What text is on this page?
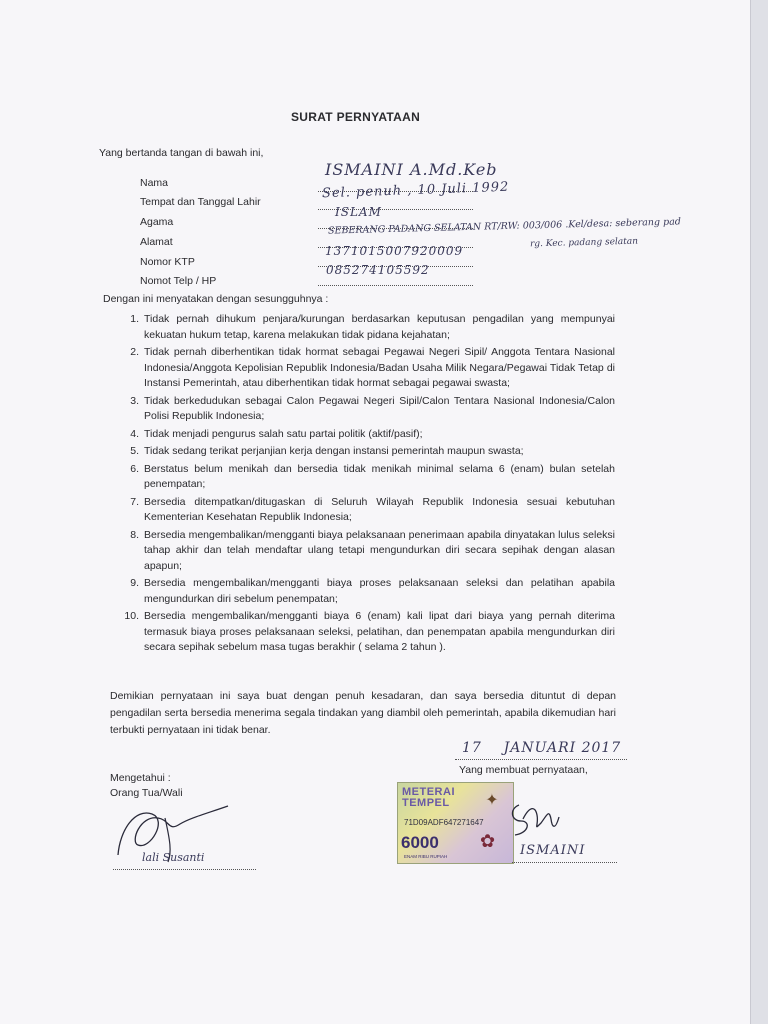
SURAT PERNYATAAN
Yang bertanda tangan di bawah ini,
Nama
Tempat dan Tanggal Lahir
Agama
Alamat
Nomor KTP
Nomot Telp / HP
ISMAINI A.Md.Keb
Sel. penuh , 10 Juli 1992
ISLAM
SEBERANG PADANG SELATAN RT/RW: 003/006 .Kel/desa: seberang pad
rg. Kec. padang selatan
1371015007920009
085274105592
Dengan ini menyatakan dengan sesungguhnya :
1. Tidak pernah dihukum penjara/kurungan berdasarkan keputusan pengadilan yang mempunyai kekuatan hukum tetap, karena melakukan tidak pidana kejahatan;
2. Tidak pernah diberhentikan tidak hormat sebagai Pegawai Negeri Sipil/ Anggota Tentara Nasional Indonesia/Anggota Kepolisian Republik Indonesia/Badan Usaha Milik Negara/Pegawai Tidak Tetap di Instansi Pemerintah, atau diberhentikan tidak hormat sebagai pegawai swasta;
3. Tidak berkedudukan sebagai Calon Pegawai Negeri Sipil/Calon Tentara Nasional Indonesia/Calon Polisi Republik Indonesia;
4. Tidak menjadi pengurus salah satu partai politik (aktif/pasif);
5. Tidak sedang terikat perjanjian kerja dengan instansi pemerintah maupun swasta;
6. Berstatus belum menikah dan bersedia tidak menikah minimal selama 6 (enam) bulan setelah penempatan;
7. Bersedia ditempatkan/ditugaskan di Seluruh Wilayah Republik Indonesia sesuai kebutuhan Kementerian Kesehatan Republik Indonesia;
8. Bersedia mengembalikan/mengganti biaya pelaksanaan penerimaan apabila dinyatakan lulus seleksi tahap akhir dan telah mendaftar ulang tetapi mengundurkan diri secara sepihak dengan alasan apapun;
9. Bersedia mengembalikan/mengganti biaya proses pelaksanaan seleksi dan pelatihan apabila mengundurkan diri sebelum penempatan;
10. Bersedia mengembalikan/mengganti biaya 6 (enam) kali lipat dari biaya yang pernah diterima termasuk biaya proses pelaksanaan seleksi, pelatihan, dan penempatan apabila mengundurkan diri secara sepihak sebelum masa tugas berakhir ( selama 2 tahun ).
Demikian pernyataan ini saya buat dengan penuh kesadaran, dan saya bersedia dituntut di depan pengadilan serta bersedia menerima segala tindakan yang diambil oleh pemerintah, apabila dikemudian hari terbukti pernyataan ini tidak benar.
17    JANUARI 2017
Yang membuat pernyataan,
Mengetahui :
Orang Tua/Wali
lali Susanti
METERAI
TEMPEL ✦
71D09ADF647271647
6000
ENAM RIBU RUPIAH
✿ ISMAINI
